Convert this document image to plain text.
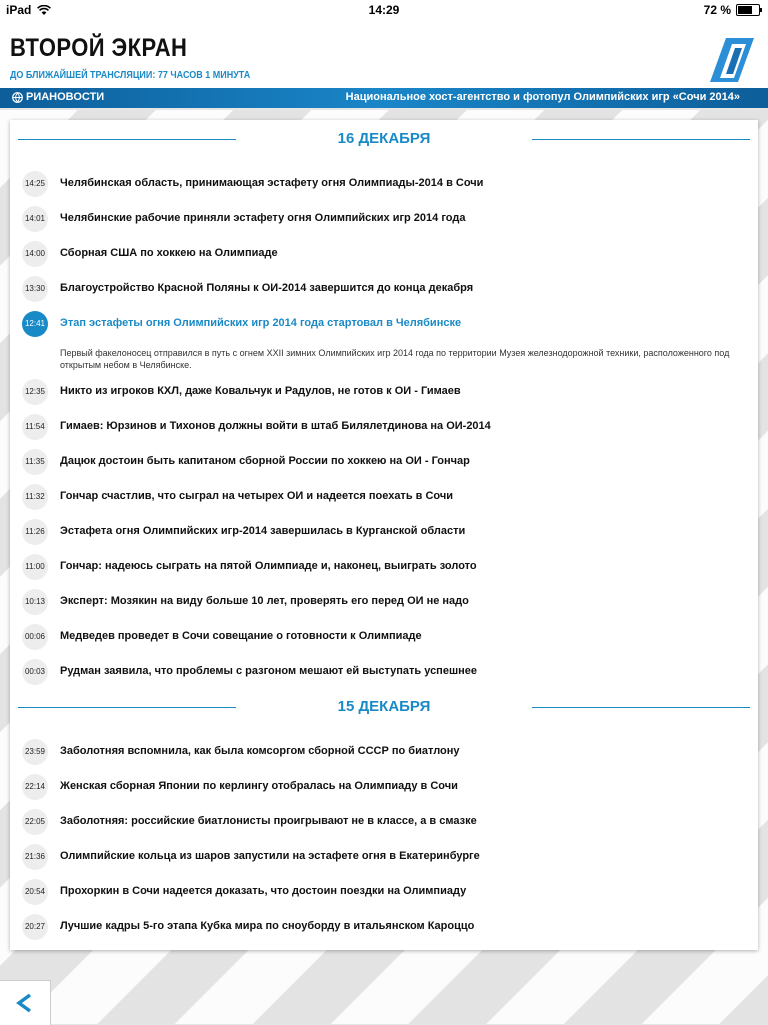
iPad	14:29	72 %
ВТОРОЙ ЭКРАН
ДО БЛИЖАЙШЕЙ ТРАНСЛЯЦИИ: 77 ЧАСОВ 1 МИНУТА
РИАНОВОСТИ	Национальное хост-агентство и фотопул Олимпийских игр «Сочи 2014»
16 ДЕКАБРЯ
14:25 Челябинская область, принимающая эстафету огня Олимпиады-2014 в Сочи
14:01 Челябинские рабочие приняли эстафету огня Олимпийских игр 2014 года
14:00 Сборная США по хоккею на Олимпиаде
13:30 Благоустройство Красной Поляны к ОИ-2014 завершится до конца декабря
12:41 Этап эстафеты огня Олимпийских игр 2014 года стартовал в Челябинске
Первый факелоносец отправился в путь с огнем XXII зимних Олимпийских игр 2014 года по территории Музея железнодорожной техники, расположенного под открытым небом в Челябинске.
12:35 Никто из игроков КХЛ, даже Ковальчук и Радулов, не готов к ОИ - Гимаев
11:54 Гимаев: Юрзинов и Тихонов должны войти в штаб Билялетдинова на ОИ-2014
11:35 Дацюк достоин быть капитаном сборной России по хоккею на ОИ - Гончар
11:32 Гончар счастлив, что сыграл на четырех ОИ и надеется поехать в Сочи
11:26 Эстафета огня Олимпийских игр-2014 завершилась в Курганской области
11:00 Гончар: надеюсь сыграть на пятой Олимпиаде и, наконец, выиграть золото
10:13 Эксперт: Мозякин на виду больше 10 лет, проверять его перед ОИ не надо
00:06 Медведев проведет в Сочи совещание о готовности к Олимпиаде
00:03 Рудман заявила, что проблемы с разгоном мешают ей выступать успешнее
15 ДЕКАБРЯ
23:59 Заболотняя вспомнила, как была комсоргом сборной СССР по биатлону
22:14 Женская сборная Японии по керлингу отобралась на Олимпиаду в Сочи
22:05 Заболотняя: российские биатлонисты проигрывают не в классе, а в смазке
21:36 Олимпийские кольца из шаров запустили на эстафете огня в Екатеринбурге
20:54 Прохоркин в Сочи надеется доказать, что достоин поездки на Олимпиаду
20:27 Лучшие кадры 5-го этапа Кубка мира по сноуборду в итальянском Кароццо
